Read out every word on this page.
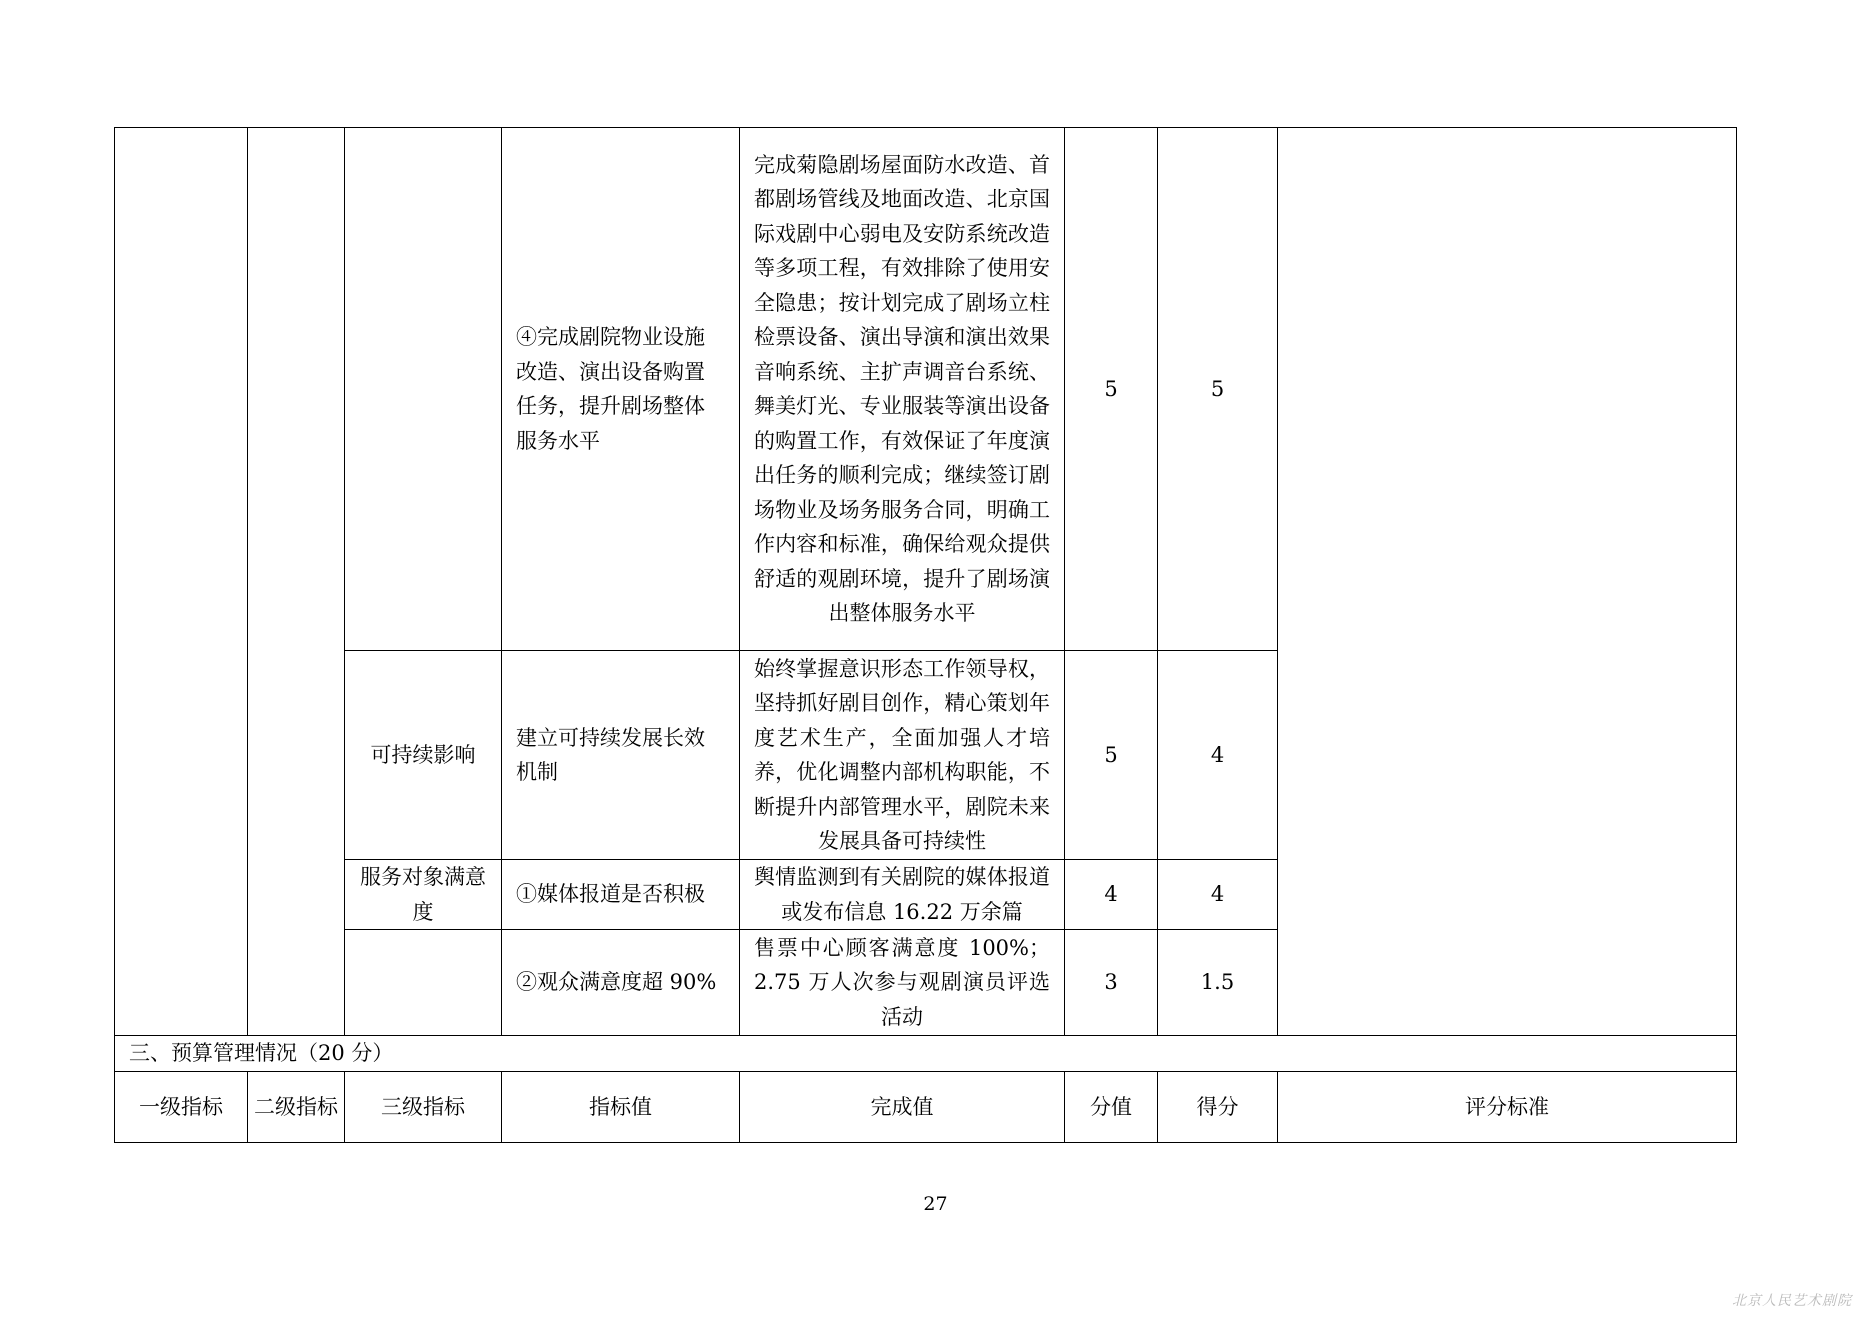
			④完成剧院物业设施改造、演出设备购置任务，提升剧场整体服务水平	完成菊隐剧场屋面防水改造、首都剧场管线及地面改造、北京国际戏剧中心弱电及安防系统改造等多项工程，有效排除了使用安全隐患；按计划完成了剧场立柱检票设备、演出导演和演出效果音响系统、主扩声调音台系统、舞美灯光、专业服装等演出设备的购置工作，有效保证了年度演出任务的顺利完成；继续签订剧场物业及场务服务合同，明确工作内容和标准，确保给观众提供舒适的观剧环境，提升了剧场演出整体服务水平	5	5	
		可持续影响	建立可持续发展长效机制	始终掌握意识形态工作领导权，坚持抓好剧目创作，精心策划年度艺术生产，全面加强人才培养，优化调整内部机构职能，不断提升内部管理水平，剧院未来发展具备可持续性	5	4	
		服务对象满意度	①媒体报道是否积极	舆情监测到有关剧院的媒体报道或发布信息 16.22 万余篇	4	4	
			②观众满意度超 90%	售票中心顾客满意度 100%；2.75 万人次参与观剧演员评选活动	3	1.5	
三、预算管理情况（20 分）							
一级指标	二级指标	三级指标	指标值	完成值	分值	得分	评分标准
27
北京人民艺术剧院
